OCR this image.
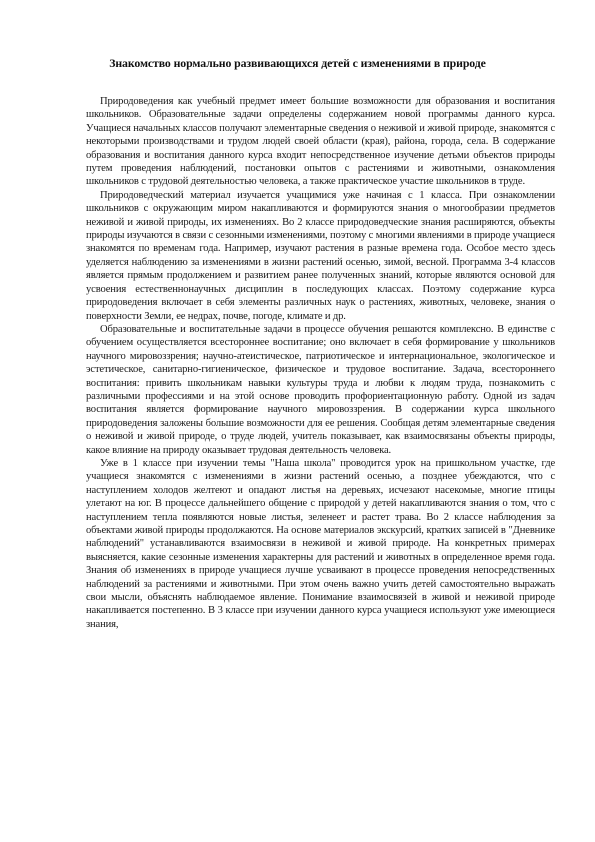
Знакомство нормально развивающихся детей с изменениями в природе

Природоведения как учебный предмет имеет большие возможности для образования и воспитания школьников. Образовательные задачи определены содержанием новой программы данного курса. Учащиеся начальных классов получают элементарные сведения о неживой и живой природе, знакомятся с некоторыми производствами и трудом людей своей области (края), района, города, села. В содержание образования и воспитания данного курса входит непосредственное изучение детьми объектов природы путем проведения наблюдений, постановки опытов с растениями и животными, ознакомления школьников с трудовой деятельностью человека, а также практическое участие школьников в труде.

Природоведческий материал изучается учащимися уже начиная с 1 класса. При ознакомлении школьников с окружающим миром накапливаются и формируются знания о многообразии предметов неживой и живой природы, их изменениях. Во 2 классе природоведческие знания расширяются, объекты природы изучаются в связи с сезонными изменениями, поэтому с многими явлениями в природе учащиеся знакомятся по временам года. Например, изучают растения в разные времена года. Особое место здесь уделяется наблюдению за изменениями в жизни растений осенью, зимой, весной. Программа 3-4 классов является прямым продолжением и развитием ранее полученных знаний, которые являются основой для усвоения естественнонаучных дисциплин в последующих классах. Поэтому содержание курса природоведения включает в себя элементы различных наук о растениях, животных, человеке, знания о поверхности Земли, ее недрах, почве, погоде, климате и др.

Образовательные и воспитательные задачи в процессе обучения решаются комплексно. В единстве с обучением осуществляется всестороннее воспитание; оно включает в себя формирование у школьников научного мировоззрения; научно-атеистическое, патриотическое и интернациональное, экологическое и эстетическое, санитарно-гигиеническое, физическое и трудовое воспитание. Задача, всестороннего воспитания: привить школьникам навыки культуры труда и любви к людям труда, познакомить с различными профессиями и на этой основе проводить профориентационную работу. Одной из задач воспитания является формирование научного мировоззрения. В содержании курса школьного природоведения заложены большие возможности для ее решения. Сообщая детям элементарные сведения о неживой и живой природе, о труде людей, учитель показывает, как взаимосвязаны объекты природы, какое влияние на природу оказывает трудовая деятельность человека.

Уже в 1 классе при изучении темы "Наша школа" проводится урок на пришкольном участке, где учащиеся знакомятся с изменениями в жизни растений осенью, а позднее убеждаются, что с наступлением холодов желтеют и опадают листья на деревьях, исчезают насекомые, многие птицы улетают на юг. В процессе дальнейшего общение с природой у детей накапливаются знания о том, что с наступлением тепла появляются новые листья, зеленеет и растет трава. Во 2 классе наблюдения за объектами живой природы продолжаются. На основе материалов экскурсий, кратких записей в "Дневнике наблюдений" устанавливаются взаимосвязи в неживой и живой природе. На конкретных примерах выясняется, какие сезонные изменения характерны для растений и животных в определенное время года. Знания об изменениях в природе учащиеся лучше усваивают в процессе проведения непосредственных наблюдений за растениями и животными. При этом очень важно учить детей самостоятельно выражать свои мысли, объяснять наблюдаемое явление. Понимание взаимосвязей в живой и неживой природе накапливается постепенно. В 3 классе при изучении данного курса учащиеся используют уже имеющиеся знания,
